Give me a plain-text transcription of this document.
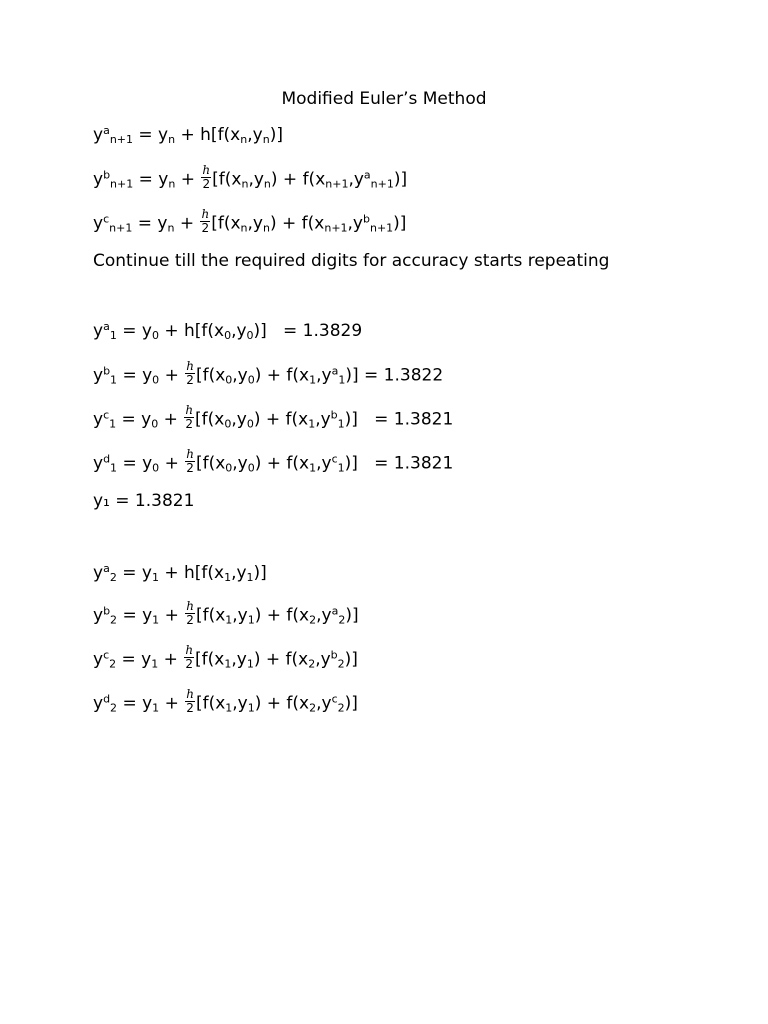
Modified Euler’s Method
$y^a_{n+1} = y_n + h[f(x_n,y_n)]$
$y^b_{n+1} = y_n + \frac{h}{2} [f(x_n,y_n) + f(x_{n+1},y^a_{n+1})]$
$y^c_{n+1} = y_n + \frac{h}{2} [f(x_n,y_n) + f(x_{n+1},y^b_{n+1})]$
Continue till the required digits for accuracy starts repeating
$y^a_1 = y_0 + h[f(x_0,y_0)] = 1.3829$
$y^b_1 = y_0 + \frac{h}{2} [f(x_0,y_0) + f(x_1,y^a_1)] = 1.3822$
$y^c_1 = y_0 + \frac{h}{2} [f(x_0,y_0) + f(x_1,y^b_1)] = 1.3821$
$y^d_1 = y_0 + \frac{h}{2} [f(x_0,y_0) + f(x_1,y^c_1)] = 1.3821$
y₁ = 1.3821
$y^a_2 = y_1 + h[f(x_1,y_1)]$
$y^b_2 = y_1 + \frac{h}{2} [f(x_1,y_1) + f(x_2,y^a_2)]$
$y^c_2 = y_1 + \frac{h}{2} [f(x_1,y_1) + f(x_2,y^b_2)]$
$y^d_2 = y_1 + \frac{h}{2} [f(x_1,y_1) + f(x_2,y^c_2)]$
